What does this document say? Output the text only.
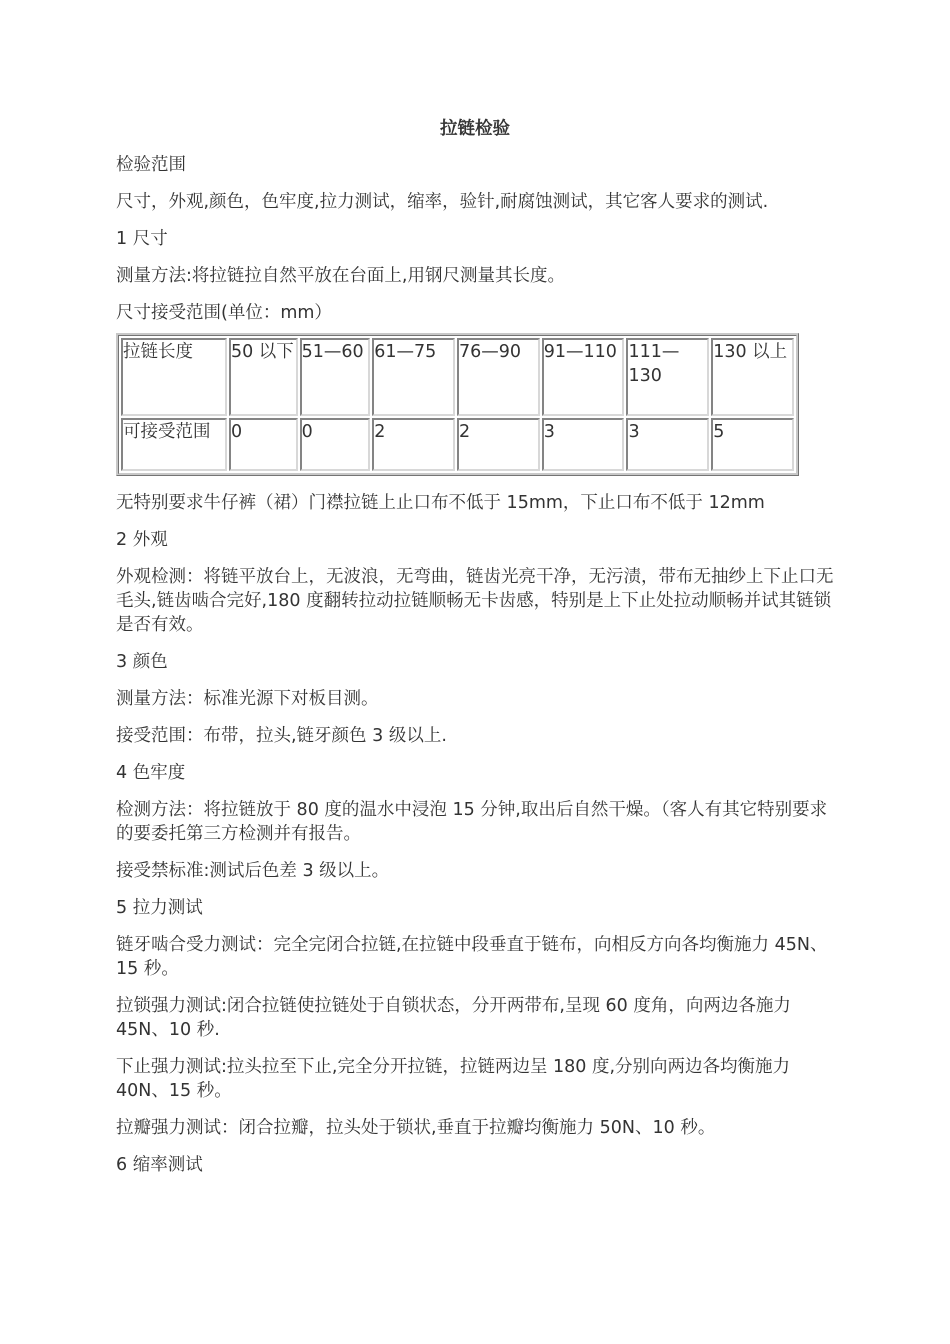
拉链检验

检验范围

尺寸，外观,颜色，色牢度,拉力测试，缩率，验针,耐腐蚀测试，其它客人要求的测试.

1 尺寸

测量方法:将拉链拉自然平放在台面上,用钢尺测量其长度。

尺寸接受范围(单位：mm）

拉链长度	50 以下	51—60	61—75	76—90	91—110	111—130	130 以上
可接受范围	0	0	2	2	3	3	5

无特别要求牛仔裤（裙）门襟拉链上止口布不低于 15mm，下止口布不低于 12mm

2 外观

外观检测：将链平放台上，无波浪，无弯曲，链齿光亮干净，无污渍，带布无抽纱上下止口无毛头,链齿啮合完好,180 度翻转拉动拉链顺畅无卡齿感，特别是上下止处拉动顺畅并试其链锁是否有效。

3 颜色

测量方法：标准光源下对板目测。

接受范围：布带，拉头,链牙颜色 3 级以上.

4 色牢度

检测方法：将拉链放于 80 度的温水中浸泡 15 分钟,取出后自然干燥。（客人有其它特别要求的要委托第三方检测并有报告。

接受禁标准:测试后色差 3 级以上。

5 拉力测试

链牙啮合受力测试：完全完闭合拉链,在拉链中段垂直于链布，向相反方向各均衡施力 45N、15 秒。

拉锁强力测试:闭合拉链使拉链处于自锁状态，分开两带布,呈现 60 度角，向两边各施力 45N、10 秒.

下止强力测试:拉头拉至下止,完全分开拉链，拉链两边呈 180 度,分别向两边各均衡施力 40N、15 秒。

拉瓣强力测试：闭合拉瓣，拉头处于锁状,垂直于拉瓣均衡施力 50N、10 秒。

6 缩率测试
